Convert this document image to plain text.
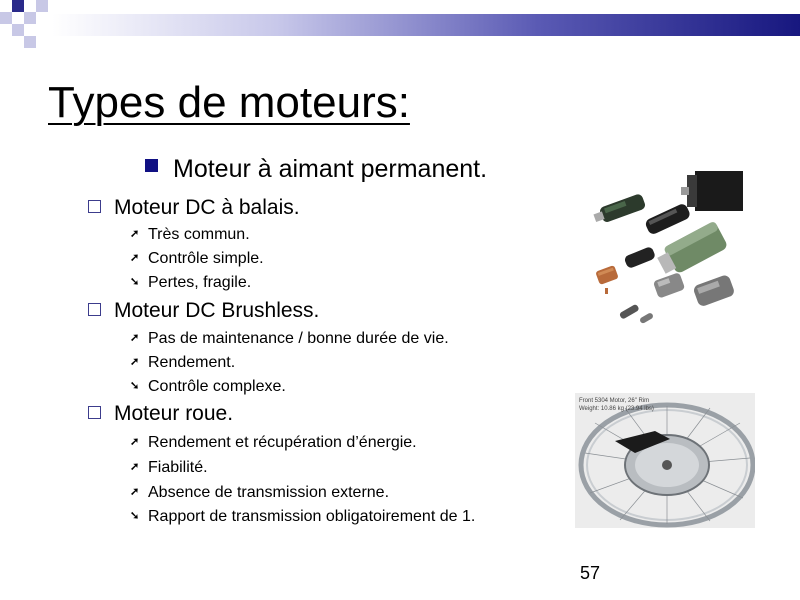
Types de moteurs:
Moteur à aimant permanent.
Moteur DC à balais.
➚ Très commun.
➚ Contrôle simple.
➘ Pertes, fragile.
Moteur DC Brushless.
➚ Pas de maintenance / bonne durée de vie.
➚ Rendement.
➘ Contrôle complexe.
Moteur roue.
➚ Rendement et récupération d’énergie.
➚ Fiabilité.
➚ Absence de transmission externe.
➘ Rapport de transmission obligatoirement de 1.
Front 5304 Motor, 26" Rim
Weight: 10.86 kg (23.94 lbs)
57
